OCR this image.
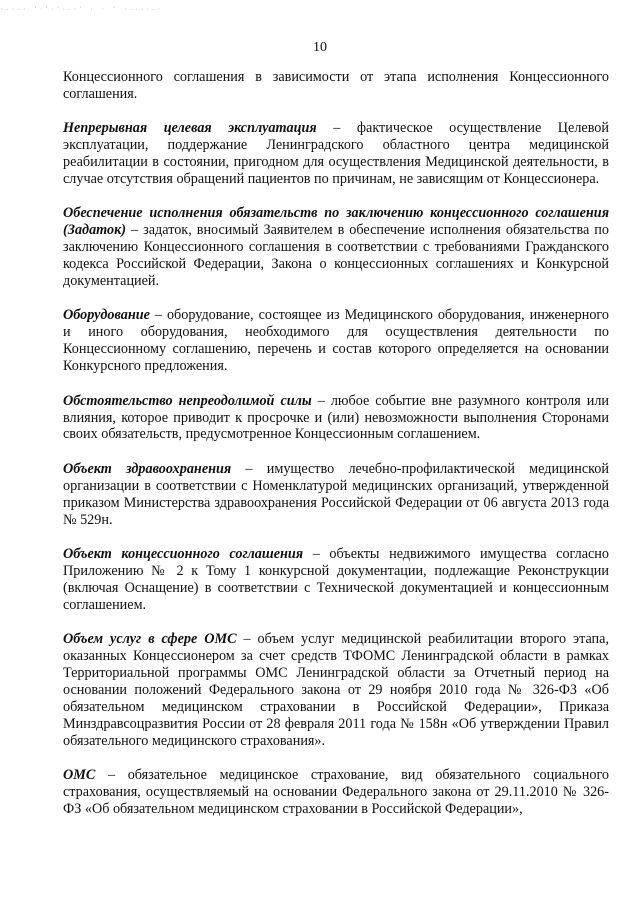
·-·-· '·'·'·-·' · · ' ·-·-·-·
10

Концессионного соглашения в зависимости от этапа исполнения Концессионного соглашения.

Непрерывная целевая эксплуатация – фактическое осуществление Целевой эксплуатации, поддержание Ленинградского областного центра медицинской реабилитации в состоянии, пригодном для осуществления Медицинской деятельности, в случае отсутствия обращений пациентов по причинам, не зависящим от Концессионера.

Обеспечение исполнения обязательств по заключению концессионного соглашения (Задаток) – задаток, вносимый Заявителем в обеспечение исполнения обязательства по заключению Концессионного соглашения в соответствии с требованиями Гражданского кодекса Российской Федерации, Закона о концессионных соглашениях и Конкурсной документацией.

Оборудование – оборудование, состоящее из Медицинского оборудования, инженерного и иного оборудования, необходимого для осуществления деятельности по Концессионному соглашению, перечень и состав которого определяется на основании Конкурсного предложения.

Обстоятельство непреодолимой силы – любое событие вне разумного контроля или влияния, которое приводит к просрочке и (или) невозможности выполнения Сторонами своих обязательств, предусмотренное Концессионным соглашением.

Объект здравоохранения – имущество лечебно-профилактической медицинской организации в соответствии с Номенклатурой медицинских организаций, утвержденной приказом Министерства здравоохранения Российской Федерации от 06 августа 2013 года № 529н.

Объект концессионного соглашения – объекты недвижимого имущества согласно Приложению № 2 к Тому 1 конкурсной документации, подлежащие Реконструкции (включая Оснащение) в соответствии с Технической документацией и концессионным соглашением.

Объем услуг в сфере ОМС – объем услуг медицинской реабилитации второго этапа, оказанных Концессионером за счет средств ТФОМС Ленинградской области в рамках Территориальной программы ОМС Ленинградской области за Отчетный период на основании положений Федерального закона от 29 ноября 2010 года № 326-ФЗ «Об обязательном медицинском страховании в Российской Федерации», Приказа Минздравсоцразвития России от 28 февраля 2011 года № 158н «Об утверждении Правил обязательного медицинского страхования».

ОМС – обязательное медицинское страхование, вид обязательного социального страхования, осуществляемый на основании Федерального закона от 29.11.2010 № 326-ФЗ «Об обязательном медицинском страховании в Российской Федерации»,
